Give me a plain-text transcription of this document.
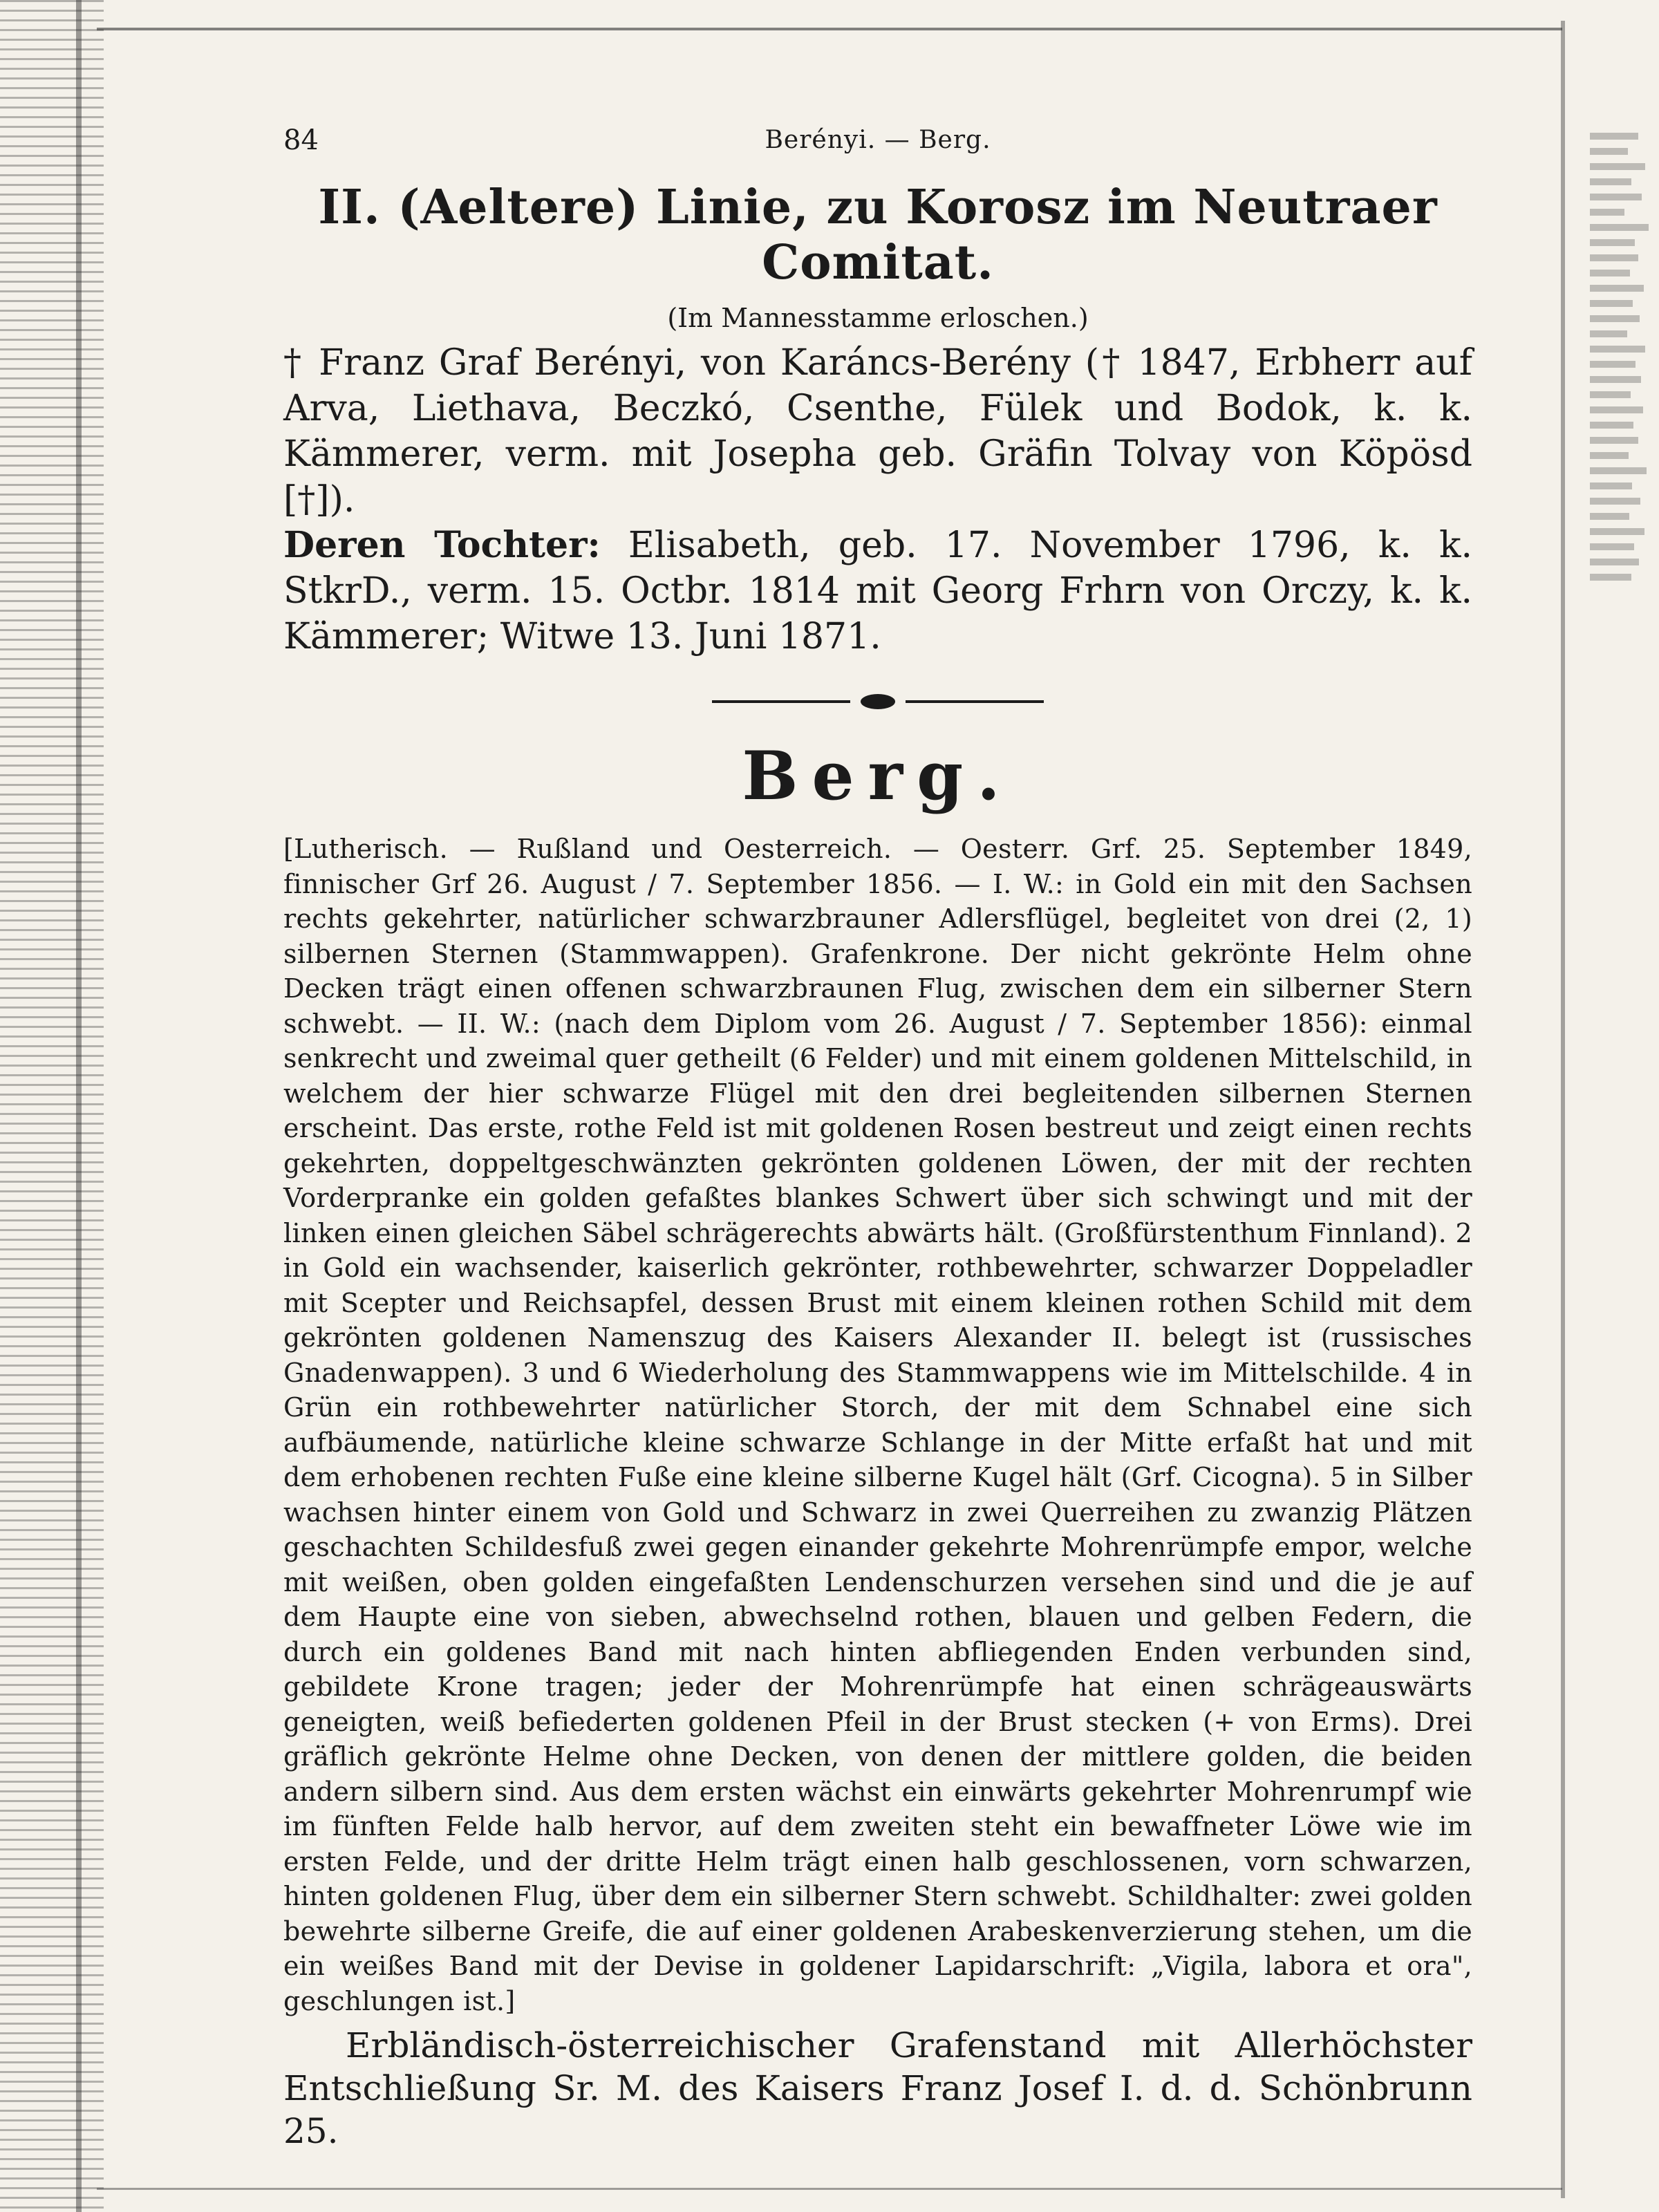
84	Berényi. — Berg.
II. (Aeltere) Linie, zu Korosz im Neutraer Comitat.
(Im Mannesstamme erloschen.)

† Franz Graf Berényi, von Karáncs-Berény († 1847, Erbherr auf Arva, Liethava, Beczkó, Csenthe, Fülek und Bodok, k. k. Kämmerer, verm. mit Josepha geb. Gräfin Tolvay von Köpösd [†]).

Deren Tochter: Elisabeth, geb. 17. November 1796, k. k. StkrD., verm. 15. Octbr. 1814 mit Georg Frhrn von Orczy, k. k. Kämmerer; Witwe 13. Juni 1871.

Berg.

[Lutherisch. — Rußland und Oesterreich. — Oesterr. Grf. 25. September 1849, finnischer Grf 26. August / 7. September 1856. — I. W.: in Gold ein mit den Sachsen rechts gekehrter, natürlicher schwarzbrauner Adlersflügel, begleitet von drei (2, 1) silbernen Sternen (Stammwappen). Grafenkrone. Der nicht gekrönte Helm ohne Decken trägt einen offenen schwarzbraunen Flug, zwischen dem ein silberner Stern schwebt. — II. W.: (nach dem Diplom vom 26. August / 7. September 1856): einmal senkrecht und zweimal quer getheilt (6 Felder) und mit einem goldenen Mittelschild, in welchem der hier schwarze Flügel mit den drei begleitenden silbernen Sternen erscheint. Das erste, rothe Feld ist mit goldenen Rosen bestreut und zeigt einen rechts gekehrten, doppeltgeschwänzten gekrönten goldenen Löwen, der mit der rechten Vorderpranke ein golden gefaßtes blankes Schwert über sich schwingt und mit der linken einen gleichen Säbel schrägerechts abwärts hält. (Großfürstenthum Finnland). 2 in Gold ein wachsender, kaiserlich gekrönter, rothbewehrter, schwarzer Doppeladler mit Scepter und Reichsapfel, dessen Brust mit einem kleinen rothen Schild mit dem gekrönten goldenen Namenszug des Kaisers Alexander II. belegt ist (russisches Gnadenwappen). 3 und 6 Wiederholung des Stammwappens wie im Mittelschilde. 4 in Grün ein rothbewehrter natürlicher Storch, der mit dem Schnabel eine sich aufbäumende, natürliche kleine schwarze Schlange in der Mitte erfaßt hat und mit dem erhobenen rechten Fuße eine kleine silberne Kugel hält (Grf. Cicogna). 5 in Silber wachsen hinter einem von Gold und Schwarz in zwei Querreihen zu zwanzig Plätzen geschachten Schildesfuß zwei gegen einander gekehrte Mohrenrümpfe empor, welche mit weißen, oben golden eingefaßten Lendenschurzen versehen sind und die je auf dem Haupte eine von sieben, abwechselnd rothen, blauen und gelben Federn, die durch ein goldenes Band mit nach hinten abfliegenden Enden verbunden sind, gebildete Krone tragen; jeder der Mohrenrümpfe hat einen schrägeauswärts geneigten, weiß befiederten goldenen Pfeil in der Brust stecken (+ von Erms). Drei gräflich gekrönte Helme ohne Decken, von denen der mittlere golden, die beiden andern silbern sind. Aus dem ersten wächst ein einwärts gekehrter Mohrenrumpf wie im fünften Felde halb hervor, auf dem zweiten steht ein bewaffneter Löwe wie im ersten Felde, und der dritte Helm trägt einen halb geschlossenen, vorn schwarzen, hinten goldenen Flug, über dem ein silberner Stern schwebt. Schildhalter: zwei golden bewehrte silberne Greife, die auf einer goldenen Arabeskenverzierung stehen, um die ein weißes Band mit der Devise in goldener Lapidarschrift: „Vigila, labora et ora", geschlungen ist.]

Erbländisch-österreichischer Grafenstand mit Allerhöchster Entschließung Sr. M. des Kaisers Franz Josef I. d. d. Schönbrunn 25.
